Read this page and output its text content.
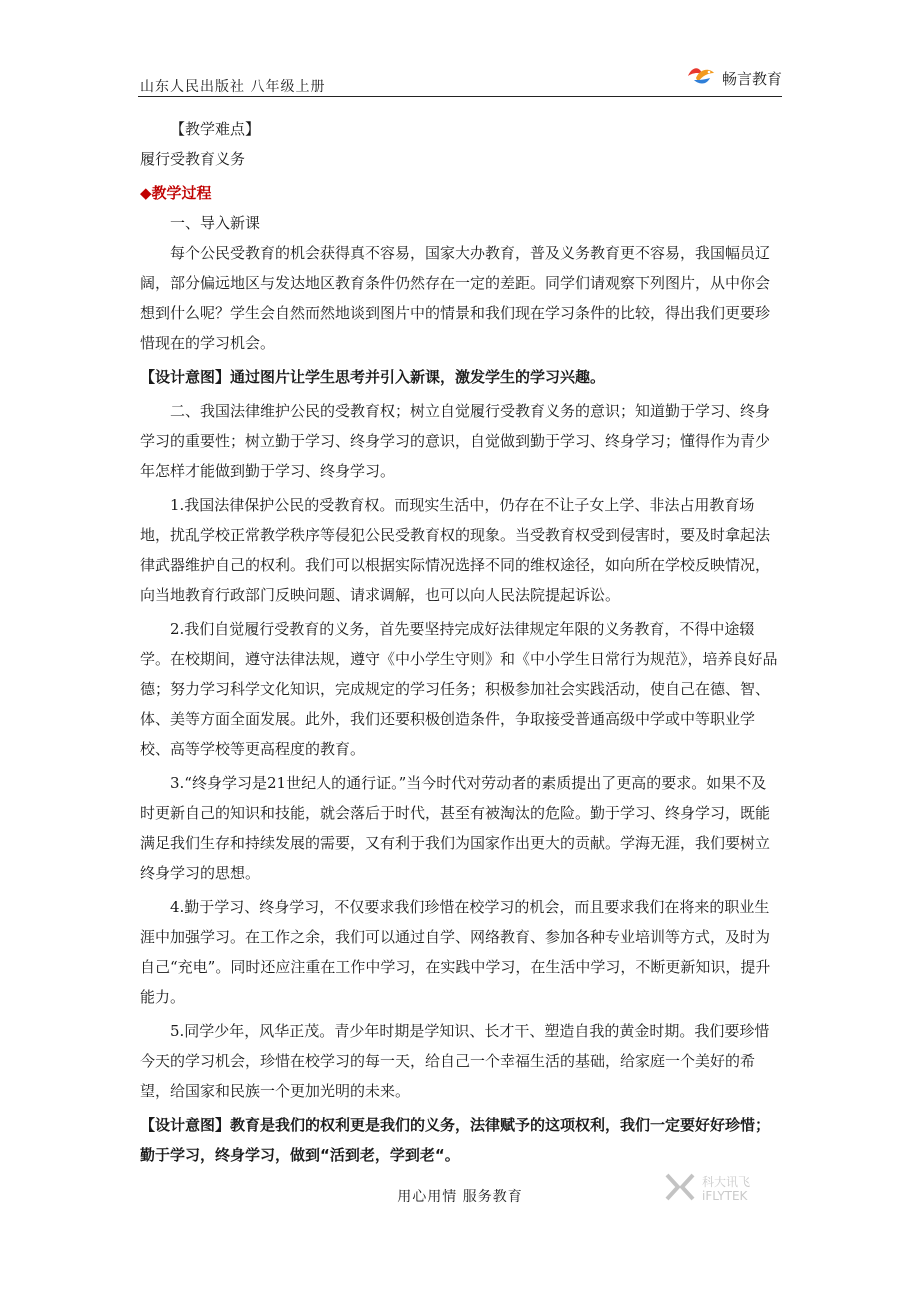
山东人民出版社 八年级上册	畅言教育

【教学难点】

履行受教育义务

◆教学过程

一、导入新课

每个公民受教育的机会获得真不容易，国家大办教育，普及义务教育更不容易，我国幅员辽阔，部分偏远地区与发达地区教育条件仍然存在一定的差距。同学们请观察下列图片，从中你会想到什么呢？学生会自然而然地谈到图片中的情景和我们现在学习条件的比较，得出我们更要珍惜现在的学习机会。

【设计意图】通过图片让学生思考并引入新课，激发学生的学习兴趣。

二、我国法律维护公民的受教育权；树立自觉履行受教育义务的意识；知道勤于学习、终身学习的重要性；树立勤于学习、终身学习的意识，自觉做到勤于学习、终身学习；懂得作为青少年怎样才能做到勤于学习、终身学习。

1.我国法律保护公民的受教育权。而现实生活中，仍存在不让子女上学、非法占用教育场地，扰乱学校正常教学秩序等侵犯公民受教育权的现象。当受教育权受到侵害时，要及时拿起法律武器维护自己的权利。我们可以根据实际情况选择不同的维权途径，如向所在学校反映情况，向当地教育行政部门反映问题、请求调解，也可以向人民法院提起诉讼。

2.我们自觉履行受教育的义务，首先要坚持完成好法律规定年限的义务教育，不得中途辍学。在校期间，遵守法律法规，遵守《中小学生守则》和《中小学生日常行为规范》，培养良好品德；努力学习科学文化知识，完成规定的学习任务；积极参加社会实践活动，使自己在德、智、体、美等方面全面发展。此外，我们还要积极创造条件，争取接受普通高级中学或中等职业学校、高等学校等更高程度的教育。

3.“终身学习是21世纪人的通行证。”当今时代对劳动者的素质提出了更高的要求。如果不及时更新自己的知识和技能，就会落后于时代，甚至有被淘汰的危险。勤于学习、终身学习，既能满足我们生存和持续发展的需要，又有利于我们为国家作出更大的贡献。学海无涯，我们要树立终身学习的思想。

4.勤于学习、终身学习，不仅要求我们珍惜在校学习的机会，而且要求我们在将来的职业生涯中加强学习。在工作之余，我们可以通过自学、网络教育、参加各种专业培训等方式，及时为自己“充电”。同时还应注重在工作中学习，在实践中学习，在生活中学习，不断更新知识，提升能力。

5.同学少年，风华正茂。青少年时期是学知识、长才干、塑造自我的黄金时期。我们要珍惜今天的学习机会，珍惜在校学习的每一天，给自己一个幸福生活的基础，给家庭一个美好的希望，给国家和民族一个更加光明的未来。

【设计意图】教育是我们的权利更是我们的义务，法律赋予的这项权利，我们一定要好好珍惜；勤于学习，终身学习，做到“活到老，学到老“。

用心用情 服务教育
科大讯飞
iFLYTEK
